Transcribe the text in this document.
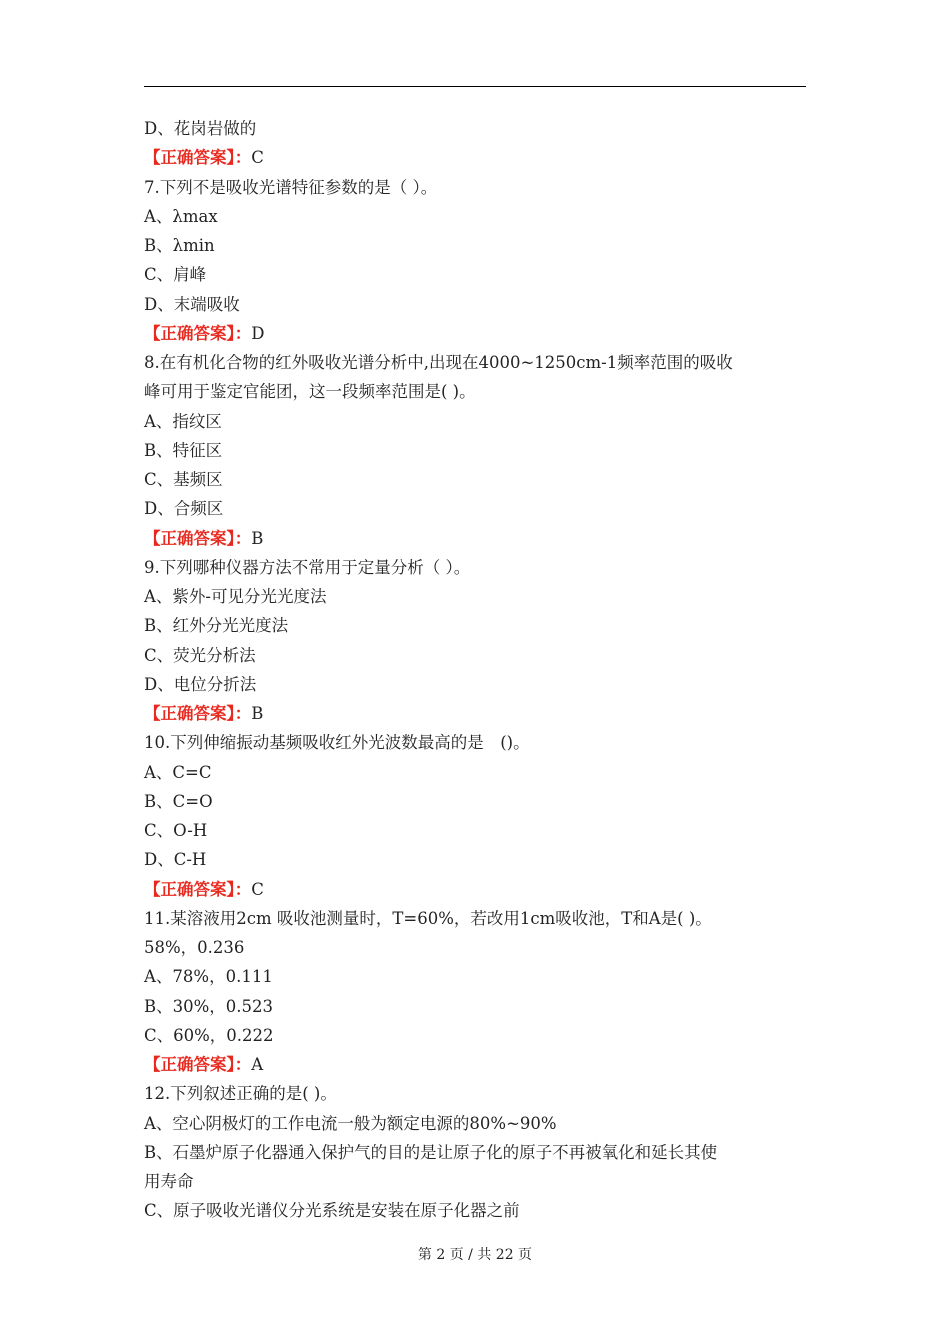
D、花岗岩做的
【正确答案】：C
7.下列不是吸收光谱特征参数的是（ ）。
A、λmax
B、λmin
C、肩峰
D、末端吸收
【正确答案】：D
8.在有机化合物的红外吸收光谱分析中,出现在4000~1250cm-1频率范围的吸收
峰可用于鉴定官能团，这一段频率范围是( )。
A、指纹区
B、特征区
C、基频区
D、合频区
【正确答案】：B
9.下列哪种仪器方法不常用于定量分析（ ）。
A、紫外-可见分光光度法
B、红外分光光度法
C、荧光分析法
D、电位分折法
【正确答案】：B
10.下列伸缩振动基频吸收红外光波数最高的是　()。
A、C=C
B、C=O
C、O-H
D、C-H
【正确答案】：C
11.某溶液用2cm 吸收池测量时，T=60%，若改用1cm吸收池，T和A是( )。
58%，0.236
A、78%，0.111
B、30%，0.523
C、60%，0.222
【正确答案】：A
12.下列叙述正确的是( )。
A、空心阴极灯的工作电流一般为额定电源的80%~90%
B、石墨炉原子化器通入保护气的目的是让原子化的原子不再被氧化和延长其使
用寿命
C、原子吸收光谱仪分光系统是安装在原子化器之前
第 2 页 / 共 22 页
